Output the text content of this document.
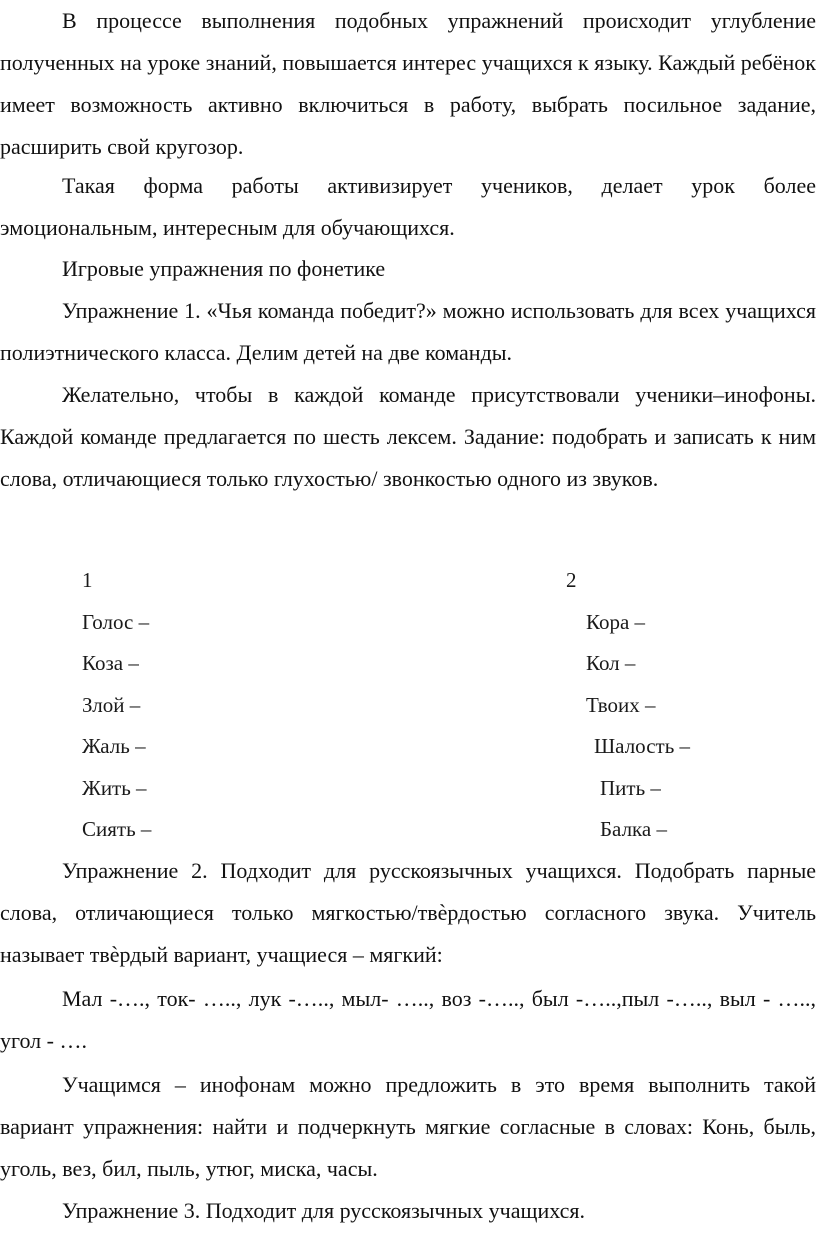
В процессе выполнения подобных упражнений происходит углубление полученных на уроке знаний, повышается интерес учащихся к языку. Каждый ребёнок имеет возможность активно включиться в работу, выбрать посильное задание, расширить свой кругозор.

Такая форма работы активизирует учеников, делает урок более эмоциональным, интересным для обучающихся.

Игровые упражнения по фонетике

Упражнение 1. «Чья команда победит?» можно использовать для всех учащихся полиэтнического класса. Делим детей на две команды.

Желательно, чтобы в каждой команде присутствовали ученики–инофоны. Каждой команде предлагается по шесть лексем. Задание: подобрать и записать к ним слова, отличающиеся только глухостью/ звонкостью одного из звуков.

1
Голос –
Коза –
Злой –
Жаль –
Жить –
Сиять –
2
Кора –
Кол –
Твоих –
Шалость –
Пить –
Балка –

Упражнение 2. Подходит для русскоязычных учащихся. Подобрать парные слова, отличающиеся только мягкостью/твѐрдостью согласного звука. Учитель называет твѐрдый вариант, учащиеся – мягкий:

Мал -…., ток- ….., лук -….., мыл- ….., воз -….., был -…..,пыл -….., выл - ….., угол - ….

Учащимся – инофонам можно предложить в это время выполнить такой вариант упражнения: найти и подчеркнуть мягкие согласные в словах: Конь, быль, уголь, вез, бил, пыль, утюг, миска, часы.

Упражнение 3. Подходит для русскоязычных учащихся.
